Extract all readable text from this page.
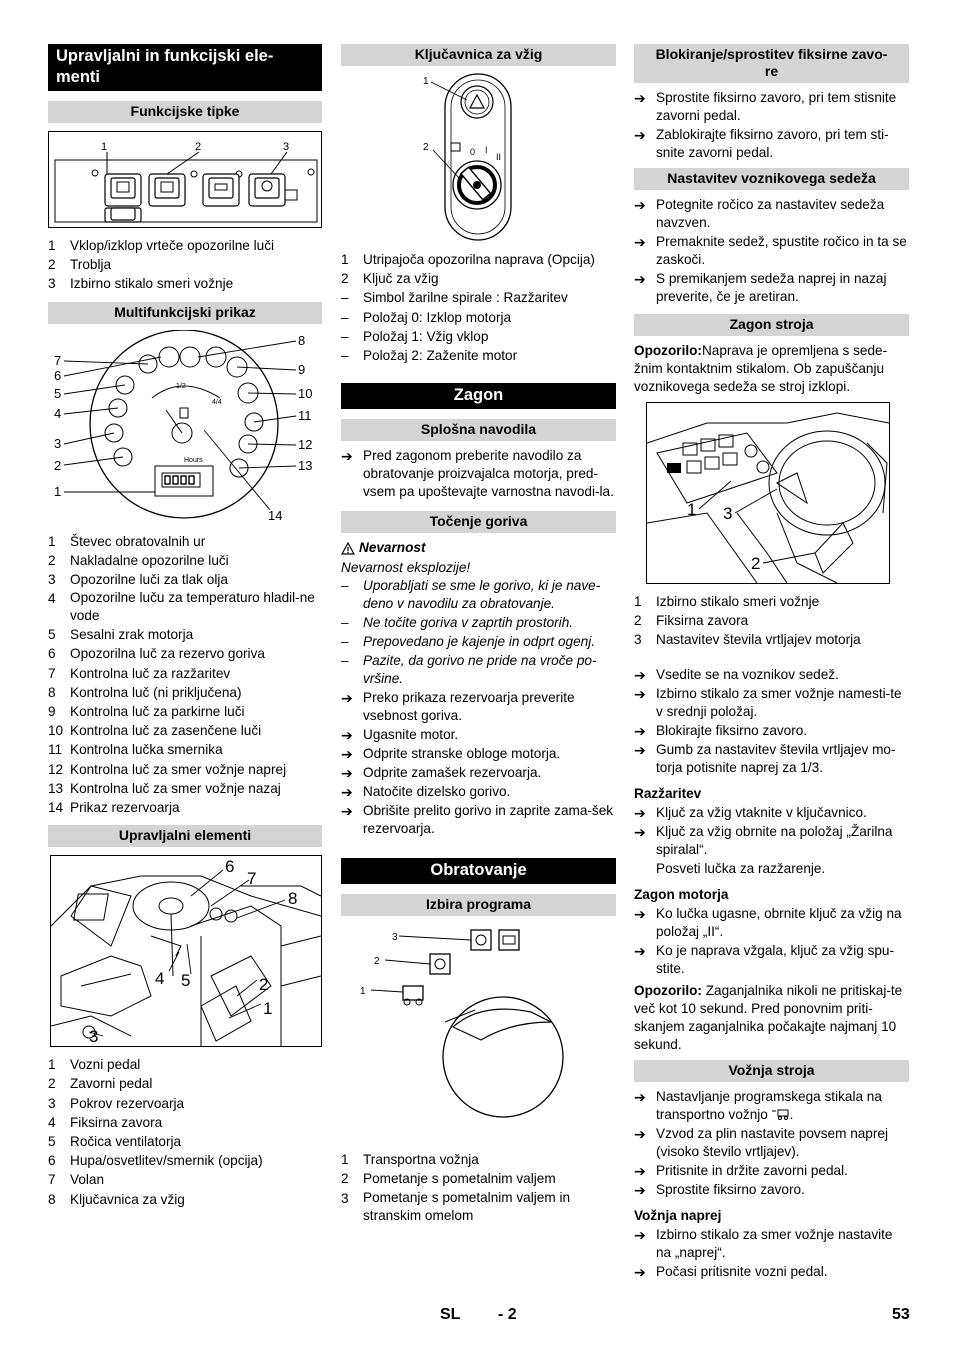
Upravljalni in funkcijski ele-
menti
Funkcijske tipke
1	2	3
1	Vklop/izklop vrteče opozorilne luči
2	Troblja
3	Izbirno stikalo smeri vožnje
Multifunkcijski prikaz
1/2
4/4
Hours
7
6
5
4
3
2
1
8
9
10
11
12
13
14
1	Števec obratovalnih ur
2	Nakladalne opozorilne luči
3	Opozorilne luči za tlak olja
4	Opozorilne luču za temperaturo hladil-ne vode
5	Sesalni zrak motorja
6	Opozorilna luč za rezervo goriva
7	Kontrolna luč za razžaritev
8	Kontrolna luč (ni priključena)
9	Kontrolna luč za parkirne luči
10 Kontrolna luč za zasenčene luči
11 Kontrolna lučka smernika
12 Kontrolna luč za smer vožnje naprej
13 Kontrolna luč za smer vožnje nazaj
14 Prikaz rezervoarja
Upravljalni elementi
6
7
8
4 5	2
1
3
1	Vozni pedal
2	Zavorni pedal
3	Pokrov rezervoarja
4	Fiksirna zavora
5	Ročica ventilatorja
6	Hupa/osvetlitev/smernik (opcija)
7	Volan
8	Ključavnica za vžig
Ključavnica za vžig
0 I
II
1
2
1	Utripajoča opozorilna naprava (Opcija)
2	Ključ za vžig
–	Simbol žarilne spirale : Razžaritev
–	Položaj 0: Izklop motorja
–	Položaj 1: Vžig vklop
–	Položaj 2: Zaženite motor
Zagon
Splošna navodila
➔ Pred zagonom preberite navodilo za obratovanje proizvajalca motorja, pred-vsem pa upoštevajte varnostna navodi-la.
Točenje goriva
Nevarnost
Nevarnost eksplozije!
–	Uporabljati se sme le gorivo, ki je nave-deno v navodilu za obratovanje.
–	Ne točite goriva v zaprtih prostorih.
–	Prepovedano je kajenje in odprt ogenj.
–	Pazite, da gorivo ne pride na vroče po-vršine.
➔ Preko prikaza rezervoarja preverite vsebnost goriva.
➔ Ugasnite motor.
➔ Odprite stranske obloge motorja.
➔ Odprite zamašek rezervoarja.
➔ Natočite dizelsko gorivo.
➔ Obrišite prelito gorivo in zaprite zama-šek rezervoarja.
Obratovanje
Izbira programa
3
2
1
1	Transportna vožnja
2	Pometanje s pometalnim valjem
3	Pometanje s pometalnim valjem in stranskim omelom
Blokiranje/sprostitev fiksirne zavo-
re
➔ Sprostite fiksirno zavoro, pri tem stisnite zavorni pedal.
➔ Zablokirajte fiksirno zavoro, pri tem sti-snite zavorni pedal.
Nastavitev voznikovega sedeža
➔ Potegnite ročico za nastavitev sedeža navzven.
➔ Premaknite sedež, spustite ročico in ta se zaskoči.
➔ S premikanjem sedeža naprej in nazaj preverite, če je aretiran.
Zagon stroja
Opozorilo:Naprava je opremljena s sede-žnim kontaktnim stikalom. Ob zapuščanju voznikovega sedeža se stroj izklopi.
1 3
2
1	Izbirno stikalo smeri vožnje
2	Fiksirna zavora
3	Nastavitev števila vrtljajev motorja
➔ Vsedite se na voznikov sedež.
➔ Izbirno stikalo za smer vožnje namesti-te v srednji položaj.
➔ Blokirajte fiksirno zavoro.
➔ Gumb za nastavitev števila vrtljajev mo-torja potisnite naprej za 1/3.
Razžaritev
➔ Ključ za vžig vtaknite v ključavnico.
➔ Ključ za vžig obrnite na položaj „Žarilna spiralal“.
Posveti lučka za razžarenje.
Zagon motorja
➔ Ko lučka ugasne, obrnite ključ za vžig na položaj „II“.
➔ Ko je naprava vžgala, ključ za vžig spu-stite.
Opozorilo: Zaganjalnika nikoli ne pritiskaj-te več kot 10 sekund. Pred ponovnim priti-skanjem zaganjalnika počakajte najmanj 10 sekund.
Vožnja stroja
➔ Nastavljanje programskega stikala na transportno vožnjo .
➔ Vzvod za plin nastavite povsem naprej (visoko število vrtljajev).
➔ Pritisnite in držite zavorni pedal.
➔ Sprostite fiksirno zavoro.
Vožnja naprej
➔ Izbirno stikalo za smer vožnje nastavite na „naprej“.
➔ Počasi pritisnite vozni pedal.
SL - 2	53
